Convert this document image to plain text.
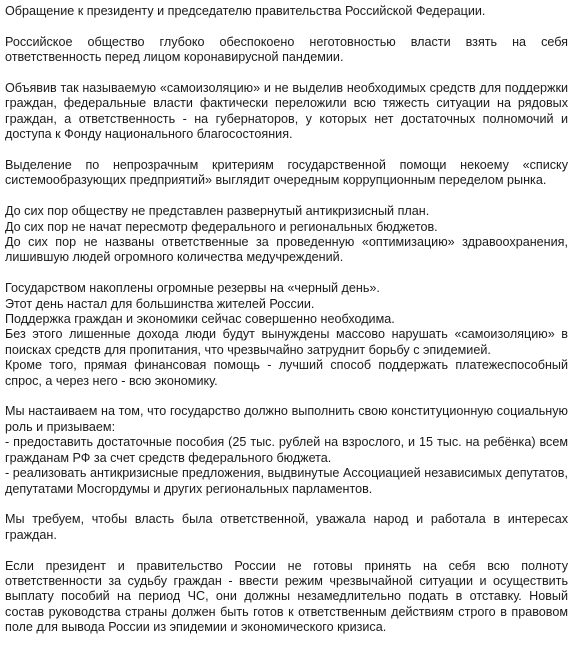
Обращение к президенту и председателю правительства Российской Федерации.

Российское общество глубоко обеспокоено неготовностью власти взять на себя ответственность перед лицом коронавирусной пандемии.

Объявив так называемую «самоизоляцию» и не выделив необходимых средств для поддержки граждан, федеральные власти фактически переложили всю тяжесть ситуации на рядовых граждан, а ответственность - на губернаторов, у которых нет достаточных полномочий и доступа к Фонду национального благосостояния.

Выделение по непрозрачным критериям государственной помощи некоему «списку системообразующих предприятий» выглядит очередным коррупционным переделом рынка.

До сих пор обществу не представлен развернутый антикризисный план.
До сих пор не начат пересмотр федерального и региональных бюджетов.
До сих пор не названы ответственные за проведенную «оптимизацию» здравоохранения, лишившую людей огромного количества медучреждений.

Государством накоплены огромные резервы на «черный день».
Этот день настал для большинства жителей России.
Поддержка граждан и экономики сейчас совершенно необходима.
Без этого лишенные дохода люди будут вынуждены массово нарушать «самоизоляцию» в поисках средств для пропитания, что чрезвычайно затруднит борьбу с эпидемией.
Кроме того, прямая финансовая помощь - лучший способ поддержать платежеспособный спрос, а через него - всю экономику.

Мы настаиваем на том, что государство должно выполнить свою конституционную социальную роль и призываем:
- предоставить достаточные пособия (25 тыс. рублей на взрослого, и 15 тыс. на ребёнка) всем гражданам РФ за счет средств федерального бюджета.
- реализовать антикризисные предложения, выдвинутые Ассоциацией независимых депутатов, депутатами Мосгордумы и других региональных парламентов.

Мы требуем, чтобы власть была ответственной, уважала народ и работала в интересах граждан.

Если президент и правительство России не готовы принять на себя всю полноту ответственности за судьбу граждан - ввести режим чрезвычайной ситуации и осуществить выплату пособий на период ЧС, они должны незамедлительно подать в отставку. Новый состав руководства страны должен быть готов к ответственным действиям строго в правовом поле для вывода России из эпидемии и экономического кризиса.
